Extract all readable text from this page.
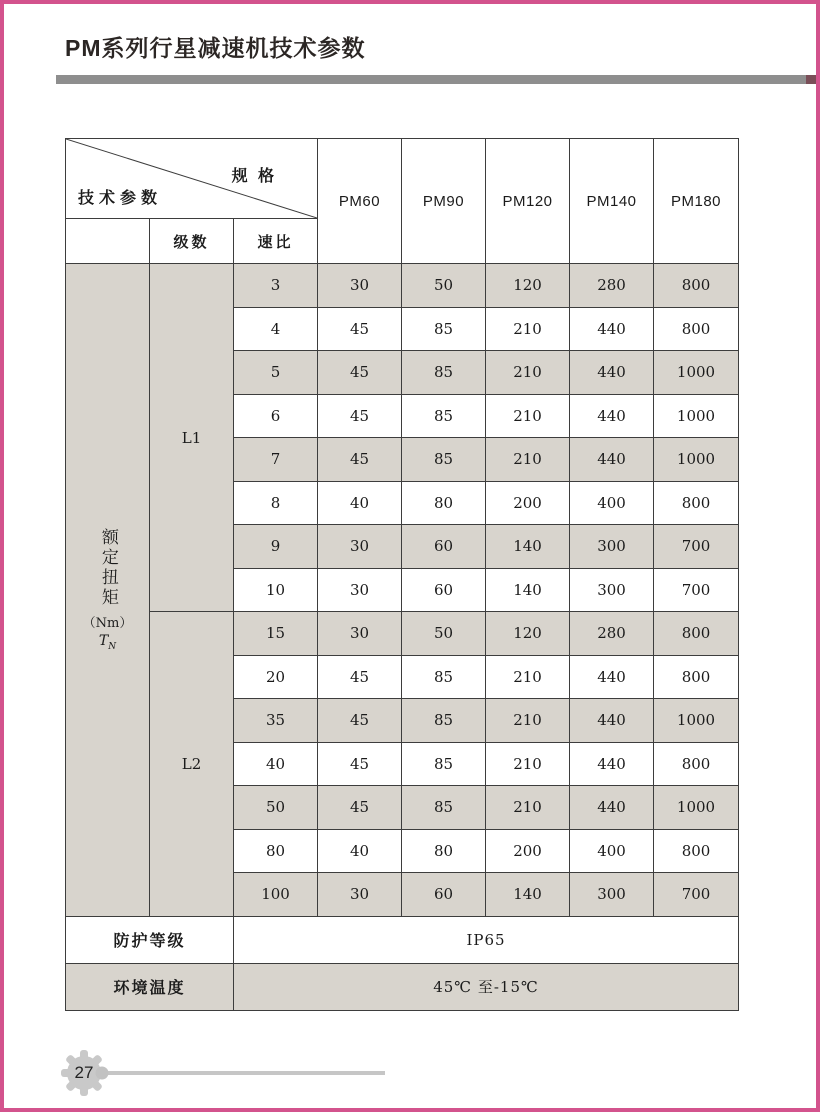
PM系列行星减速机技术参数
规 格
技术参数			PM60	PM90	PM120	PM140	PM180
	级数	速比					

额定扭矩
（Nm）
$T_N$	L1	3	30	50	120	280	800
		4	45	85	210	440	800
		5	45	85	210	440	1000
		6	45	85	210	440	1000
		7	45	85	210	440	1000
		8	40	80	200	400	800
		9	30	60	140	300	700
		10	30	60	140	300	700
	L2	15	30	50	120	280	800
		20	45	85	210	440	800
		35	45	85	210	440	1000
		40	45	85	210	440	800
		50	45	85	210	440	1000
		80	40	80	200	400	800
		100	30	60	140	300	700
防护等级		IP65					
环境温度		45℃ 至-15℃					
27
